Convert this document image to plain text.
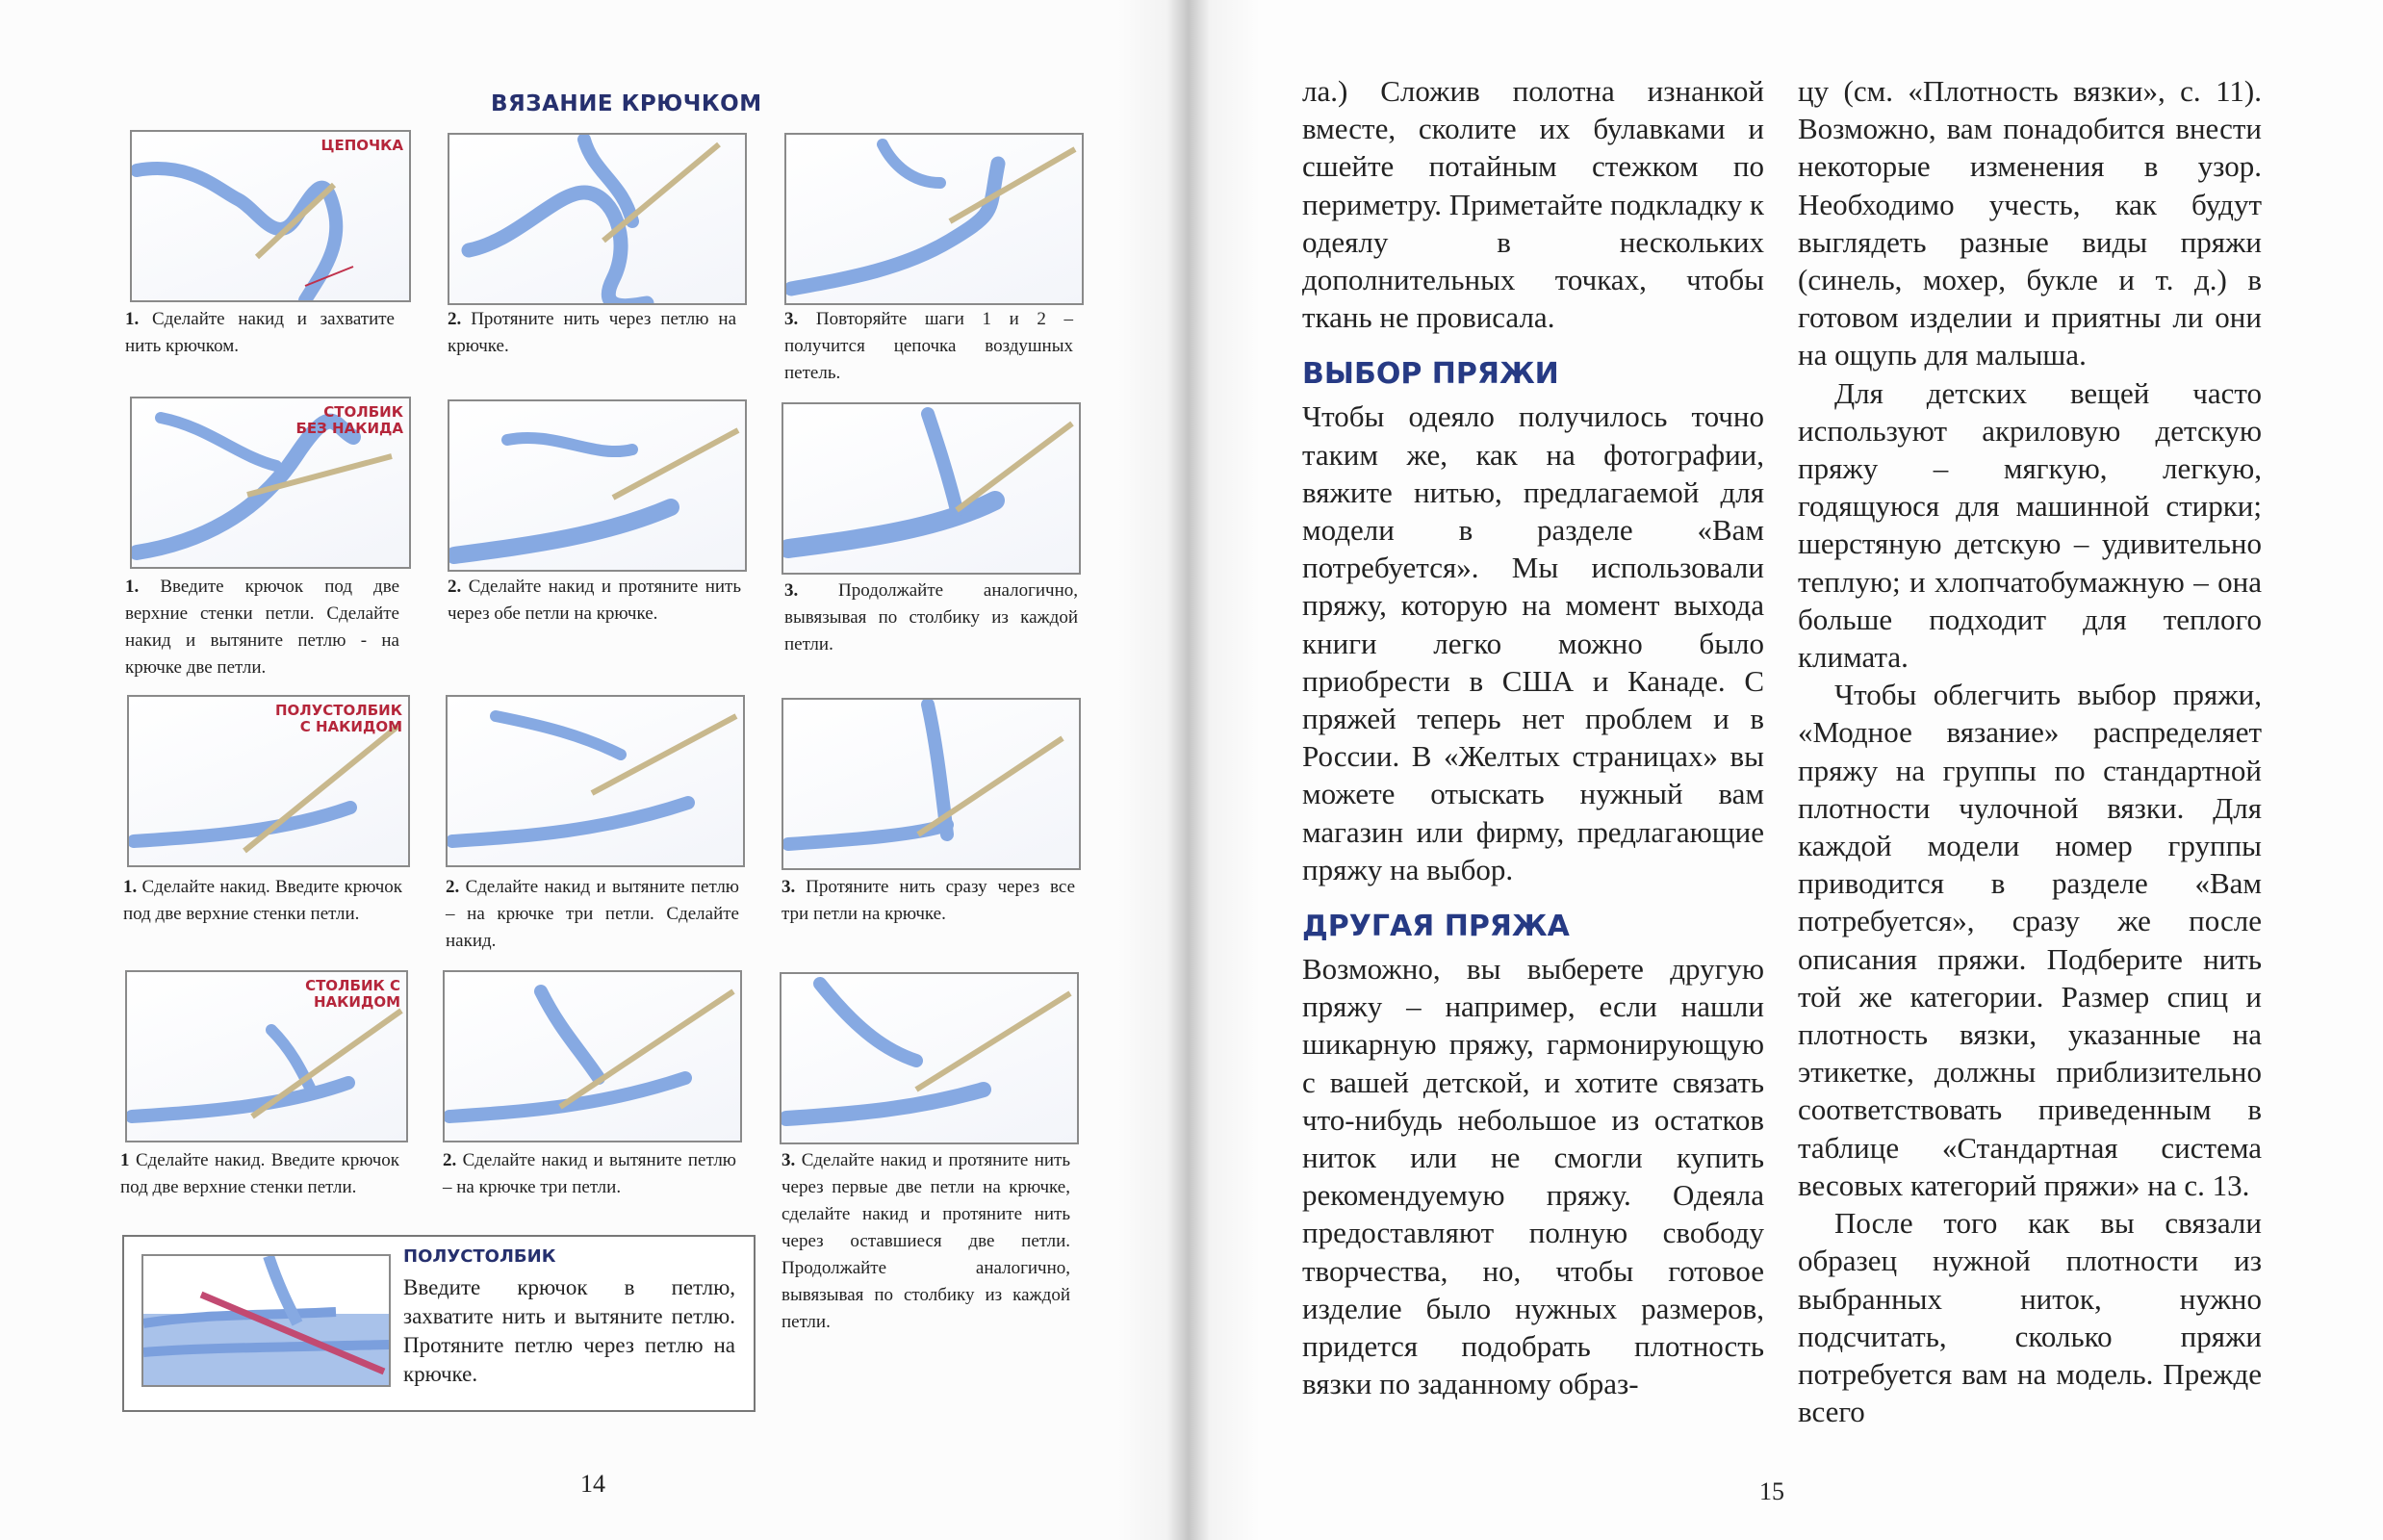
ВЯЗАНИЕ КРЮЧКОМ
ЦЕПОЧКА
1. Сделайте накид и захватите нить крючком.
2. Протяните нить через петлю на крючке.
3. Повторяйте шаги 1 и 2 – получится цепочка воздушных петель.
СТОЛБИК
БЕЗ НАКИДА
1. Введите крючок под две верхние стенки петли. Сделайте накид и вытяните петлю - на крючке две петли.
2. Сделайте накид и протяните нить через обе петли на крючке.
3. Продолжайте аналогично, вывязывая по столбику из каждой петли.
ПОЛУСТОЛБИК
С НАКИДОМ
1. Сделайте накид. Введите крючок под две верхние стенки петли.
2. Сделайте накид и вытяните петлю – на крючке три петли. Сделайте накид.
3. Протяните нить сразу через все три петли на крючке.
СТОЛБИК С
НАКИДОМ
1 Сделайте накид. Введите крючок под две верхние стенки петли.
2. Сделайте накид и вытяните петлю – на крючке три петли.
3. Сделайте накид и протяните нить через первые две петли на крючке, сделайте накид и протяните нить через оставшиеся две петли. Продолжайте аналогично, вывязывая по столбику из каждой петли.
ПОЛУСТОЛБИК
Введите крючок в петлю, захватите нить и вытяните петлю. Протяните петлю через петлю на крючке.
14

ла.) Сложив полотна изнанкой вместе, сколите их булавками и сшейте потайным стежком по периметру. Приметайте подкладку к одеялу в нескольких дополнительных точках, чтобы ткань не провисала.

ВЫБОР ПРЯЖИ

Чтобы одеяло получилось точно таким же, как на фотографии, вяжите нитью, предлагаемой для модели в разделе «Вам потребуется». Мы использовали пряжу, которую на момент выхода книги легко можно было приобрести в США и Канаде. С пряжей теперь нет проблем и в России. В «Желтых страницах» вы можете отыскать нужный вам магазин или фирму, предлагающие пряжу на выбор.

ДРУГАЯ ПРЯЖА

Возможно, вы выберете другую пряжу – например, если нашли шикарную пряжу, гармонирующую с вашей детской, и хотите связать что-нибудь небольшое из остатков ниток или не смогли купить рекомендуемую пряжу. Одеяла предоставляют полную свободу творчества, но, чтобы готовое изделие было нужных размеров, придется подобрать плотность вязки по заданному образ-

цу (см. «Плотность вязки», с. 11). Возможно, вам понадобится внести некоторые изменения в узор. Необходимо учесть, как будут выглядеть разные виды пряжи (синель, мохер, букле и т. д.) в готовом изделии и приятны ли они на ощупь для малыша.

Для детских вещей часто используют акриловую детскую пряжу – мягкую, легкую, годящуюся для машинной стирки; шерстяную детскую – удивительно теплую; и хлопчатобумажную – она больше подходит для теплого климата.

Чтобы облегчить выбор пряжи, «Модное вязание» распределяет пряжу на группы по стандартной плотности чулочной вязки. Для каждой модели номер группы приводится в разделе «Вам потребуется», сразу же после описания пряжи. Подберите нить той же категории. Размер спиц и плотность вязки, указанные на этикетке, должны приблизительно соответствовать приведенным в таблице «Стандартная система весовых категорий пряжи» на с. 13.

После того как вы связали образец нужной плотности из выбранных ниток, нужно подсчитать, сколько пряжи потребуется вам на модель. Прежде всего

15
